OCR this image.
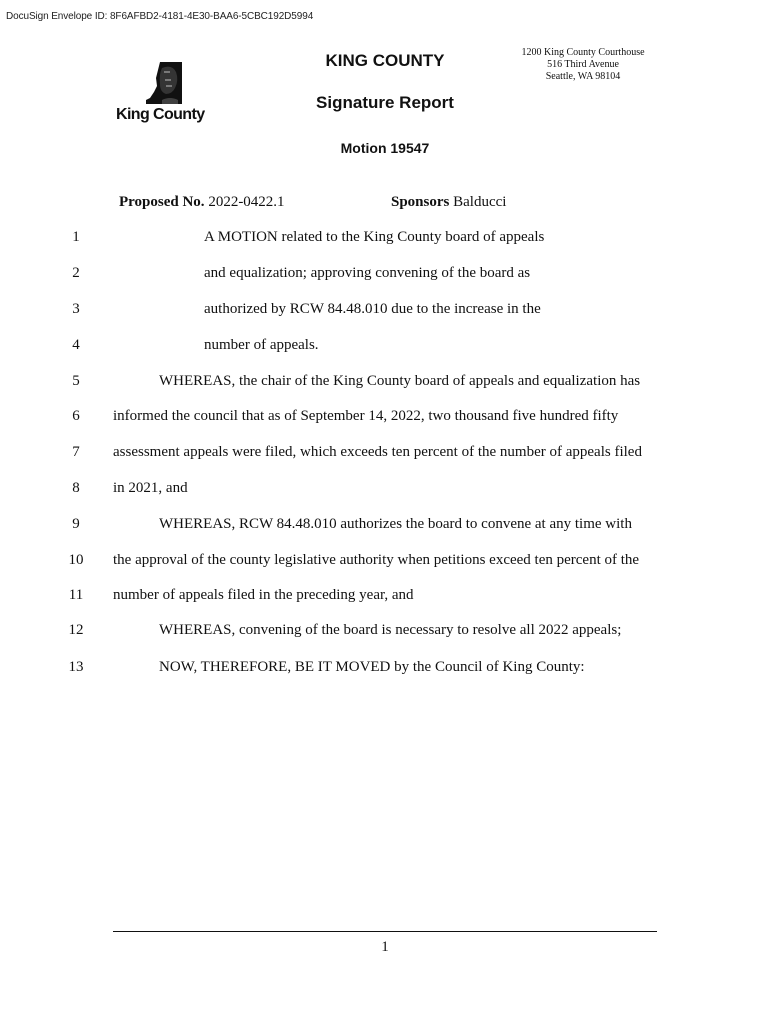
DocuSign Envelope ID: 8F6AFBD2-4181-4E30-BAA6-5CBC192D5994
King County
KING COUNTY	1200 King County Courthouse
516 Third Avenue
Seattle, WA 98104
Signature Report
Motion 19547
Proposed No. 2022-0422.1	Sponsors Balducci
1	A MOTION related to the King County board of appeals
2	and equalization; approving convening of the board as
3	authorized by RCW 84.48.010 due to the increase in the
4	number of appeals.
5	WHEREAS, the chair of the King County board of appeals and equalization has
6	informed the council that as of September 14, 2022, two thousand five hundred fifty
7	assessment appeals were filed, which exceeds ten percent of the number of appeals filed
8	in 2021, and
9	WHEREAS, RCW 84.48.010 authorizes the board to convene at any time with
10	the approval of the county legislative authority when petitions exceed ten percent of the
11	number of appeals filed in the preceding year, and
12	WHEREAS, convening of the board is necessary to resolve all 2022 appeals;
13	NOW, THEREFORE, BE IT MOVED by the Council of King County:
1
